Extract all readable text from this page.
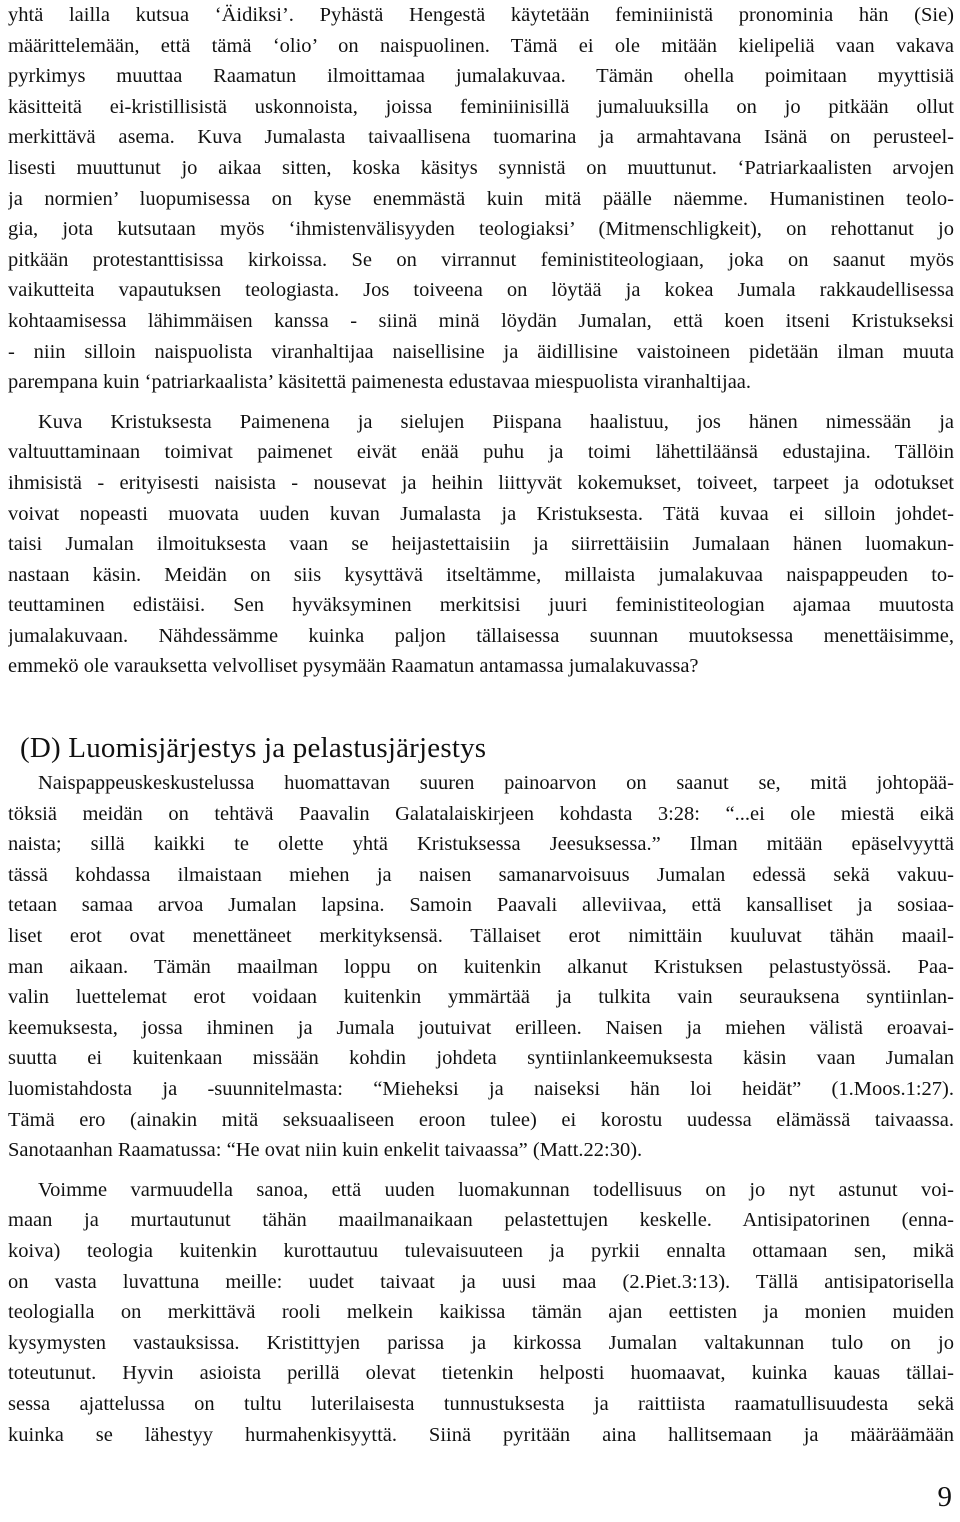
yhtä lailla kutsua ‘Äidiksi’. Pyhästä Hengestä käytetään feminiinistä pronominia hän (Sie)
määrittelemään, että tämä ‘olio’ on naispuolinen. Tämä ei ole mitään kielipeliä vaan vakava
pyrkimys muuttaa Raamatun ilmoittamaa jumalakuvaa. Tämän ohella poimitaan myyttisiä
käsitteitä ei-kristillisistä uskonnoista, joissa feminiinisillä jumaluuksilla on jo pitkään ollut
merkittävä asema. Kuva Jumalasta taivaallisena tuomarina ja armahtavana Isänä on perusteel-
lisesti muuttunut jo aikaa sitten, koska käsitys synnistä on muuttunut. ‘Patriarkaalisten arvojen
ja normien’ luopumisessa on kyse enemmästä kuin mitä päälle näemme. Humanistinen teolo-
gia, jota kutsutaan myös ‘ihmistenvälisyyden teologiaksi’ (Mitmenschligkeit), on rehottanut jo
pitkään protestanttisissa kirkoissa. Se on virrannut feministiteologiaan, joka on saanut myös
vaikutteita vapautuksen teologiasta. Jos toiveena on löytää ja kokea Jumala rakkaudellisessa
kohtaamisessa lähimmäisen kanssa - siinä minä löydän Jumalan, että koen itseni Kristukseksi
- niin silloin naispuolista viranhaltijaa naisellisine ja äidillisine vaistoineen pidetään ilman muuta
parempana kuin ‘patriarkaalista’ käsitettä paimenesta edustavaa miespuolista viranhaltijaa.
Kuva Kristuksesta Paimenena ja sielujen Piispana haalistuu, jos hänen nimessään ja
valtuuttaminaan toimivat paimenet eivät enää puhu ja toimi lähettiläänsä edustajina. Tällöin
ihmisistä - erityisesti naisista - nousevat ja heihin liittyvät kokemukset, toiveet, tarpeet ja odotukset
voivat nopeasti muovata uuden kuvan Jumalasta ja Kristuksesta. Tätä kuvaa ei silloin johdet-
taisi Jumalan ilmoituksesta vaan se heijastettaisiin ja siirrettäisiin Jumalaan hänen luomakun-
nastaan käsin. Meidän on siis kysyttävä itseltämme, millaista jumalakuvaa naispappeuden to-
teuttaminen edistäisi. Sen hyväksyminen merkitsisi juuri feministiteologian ajamaa muutosta
jumalakuvaan. Nähdessämme kuinka paljon tällaisessa suunnan muutoksessa menettäisimme,
emmekö ole varauksetta velvolliset pysymään Raamatun antamassa jumalakuvassa?
(D) Luomisjärjestys ja pelastusjärjestys
Naispappeuskeskustelussa huomattavan suuren painoarvon on saanut se, mitä johtopää-
töksiä meidän on tehtävä Paavalin Galatalaiskirjeen kohdasta 3:28: “...ei ole miestä eikä
naista; sillä kaikki te olette yhtä Kristuksessa Jeesuksessa.” Ilman mitään epäselvyyttä
tässä kohdassa ilmaistaan miehen ja naisen samanarvoisuus Jumalan edessä sekä vakuu-
tetaan samaa arvoa Jumalan lapsina. Samoin Paavali alleviivaa, että kansalliset ja sosiaa-
liset erot ovat menettäneet merkityksensä. Tällaiset erot nimittäin kuuluvat tähän maail-
man aikaan. Tämän maailman loppu on kuitenkin alkanut Kristuksen pelastustyössä. Paa-
valin luettelemat erot voidaan kuitenkin ymmärtää ja tulkita vain seurauksena syntiinlan-
keemuksesta, jossa ihminen ja Jumala joutuivat erilleen. Naisen ja miehen välistä eroavai-
suutta ei kuitenkaan missään kohdin johdeta syntiinlankeemuksesta käsin vaan Jumalan
luomistahdosta ja -suunnitelmasta: “Mieheksi ja naiseksi hän loi heidät” (1.Moos.1:27).
Tämä ero (ainakin mitä seksuaaliseen eroon tulee) ei korostu uudessa elämässä taivaassa.
Sanotaanhan Raamatussa: “He ovat niin kuin enkelit taivaassa” (Matt.22:30).
Voimme varmuudella sanoa, että uuden luomakunnan todellisuus on jo nyt astunut voi-
maan ja murtautunut tähän maailmanaikaan pelastettujen keskelle. Antisipatorinen (enna-
koiva) teologia kuitenkin kurottautuu tulevaisuuteen ja pyrkii ennalta ottamaan sen, mikä
on vasta luvattuna meille: uudet taivaat ja uusi maa (2.Piet.3:13). Tällä antisipatorisella
teologialla on merkittävä rooli melkein kaikissa tämän ajan eettisten ja monien muiden
kysymysten vastauksissa. Kristittyjen parissa ja kirkossa Jumalan valtakunnan tulo on jo
toteutunut. Hyvin asioista perillä olevat tietenkin helposti huomaavat, kuinka kauas tällai-
sessa ajattelussa on tultu luterilaisesta tunnustuksesta ja raittiista raamatullisuudesta sekä
kuinka se lähestyy hurmahenkisyyttä. Siinä pyritään aina hallitsemaan ja määräämään
9
